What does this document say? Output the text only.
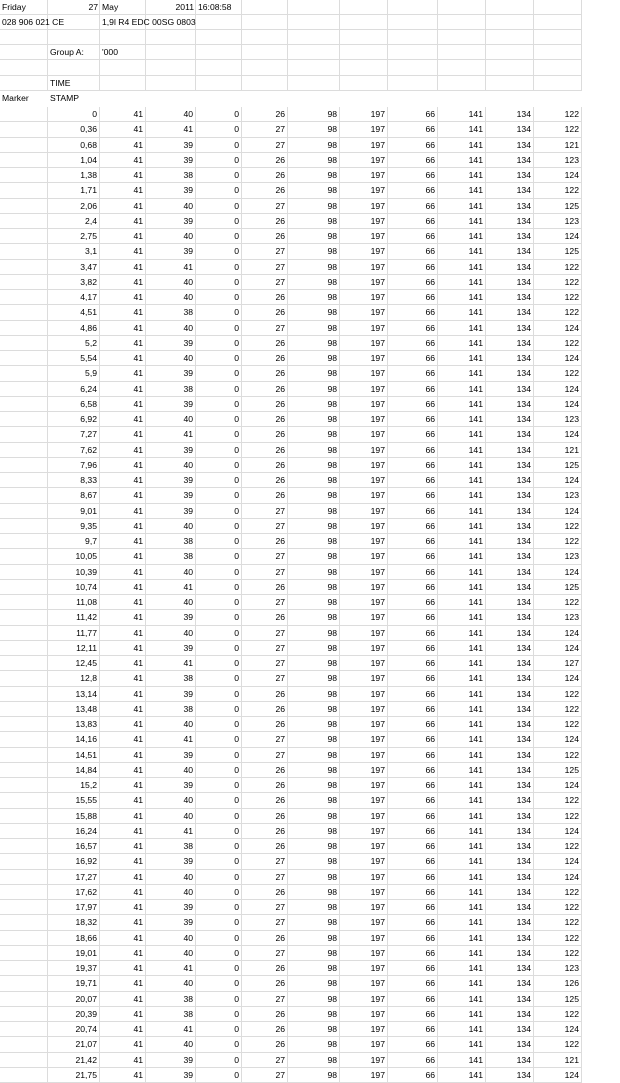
Friday	27 May	2011 16:08:58
028 906 021 CE	1,9l R4 EDC 00SG 0803
Group A: '000
TIME
Marker STAMP
0	41	40	0	26	98	197	66	141	134	122
0,36	41	41	0	27	98	197	66	141	134	122
0,68	41	39	0	27	98	197	66	141	134	121
1,04	41	39	0	26	98	197	66	141	134	123
1,38	41	38	0	26	98	197	66	141	134	124
1,71	41	39	0	26	98	197	66	141	134	122
2,06	41	40	0	27	98	197	66	141	134	125
2,4	41	39	0	26	98	197	66	141	134	123
2,75	41	40	0	26	98	197	66	141	134	124
3,1	41	39	0	27	98	197	66	141	134	125
3,47	41	41	0	27	98	197	66	141	134	122
3,82	41	40	0	27	98	197	66	141	134	122
4,17	41	40	0	26	98	197	66	141	134	122
4,51	41	38	0	26	98	197	66	141	134	122
4,86	41	40	0	27	98	197	66	141	134	124
5,2	41	39	0	26	98	197	66	141	134	122
5,54	41	40	0	26	98	197	66	141	134	124
5,9	41	39	0	26	98	197	66	141	134	122
6,24	41	38	0	26	98	197	66	141	134	124
6,58	41	39	0	26	98	197	66	141	134	124
6,92	41	40	0	26	98	197	66	141	134	123
7,27	41	41	0	26	98	197	66	141	134	124
7,62	41	39	0	26	98	197	66	141	134	121
7,96	41	40	0	26	98	197	66	141	134	125
8,33	41	39	0	26	98	197	66	141	134	124
8,67	41	39	0	26	98	197	66	141	134	123
9,01	41	39	0	27	98	197	66	141	134	124
9,35	41	40	0	27	98	197	66	141	134	122
9,7	41	38	0	26	98	197	66	141	134	122
10,05	41	38	0	27	98	197	66	141	134	123
10,39	41	40	0	27	98	197	66	141	134	124
10,74	41	41	0	26	98	197	66	141	134	125
11,08	41	40	0	27	98	197	66	141	134	122
11,42	41	39	0	26	98	197	66	141	134	123
11,77	41	40	0	27	98	197	66	141	134	124
12,11	41	39	0	27	98	197	66	141	134	124
12,45	41	41	0	27	98	197	66	141	134	127
12,8	41	38	0	27	98	197	66	141	134	124
13,14	41	39	0	26	98	197	66	141	134	122
13,48	41	38	0	26	98	197	66	141	134	122
13,83	41	40	0	26	98	197	66	141	134	122
14,16	41	41	0	27	98	197	66	141	134	124
14,51	41	39	0	27	98	197	66	141	134	122
14,84	41	40	0	26	98	197	66	141	134	125
15,2	41	39	0	26	98	197	66	141	134	124
15,55	41	40	0	26	98	197	66	141	134	122
15,88	41	40	0	26	98	197	66	141	134	122
16,24	41	41	0	26	98	197	66	141	134	124
16,57	41	38	0	26	98	197	66	141	134	122
16,92	41	39	0	27	98	197	66	141	134	124
17,27	41	40	0	27	98	197	66	141	134	124
17,62	41	40	0	26	98	197	66	141	134	122
17,97	41	39	0	27	98	197	66	141	134	122
18,32	41	39	0	27	98	197	66	141	134	122
18,66	41	40	0	26	98	197	66	141	134	122
19,01	41	40	0	27	98	197	66	141	134	122
19,37	41	41	0	26	98	197	66	141	134	123
19,71	41	40	0	26	98	197	66	141	134	126
20,07	41	38	0	27	98	197	66	141	134	125
20,39	41	38	0	26	98	197	66	141	134	122
20,74	41	41	0	26	98	197	66	141	134	124
21,07	41	40	0	26	98	197	66	141	134	122
21,42	41	39	0	27	98	197	66	141	134	121
21,75	41	39	0	27	98	197	66	141	134	124
